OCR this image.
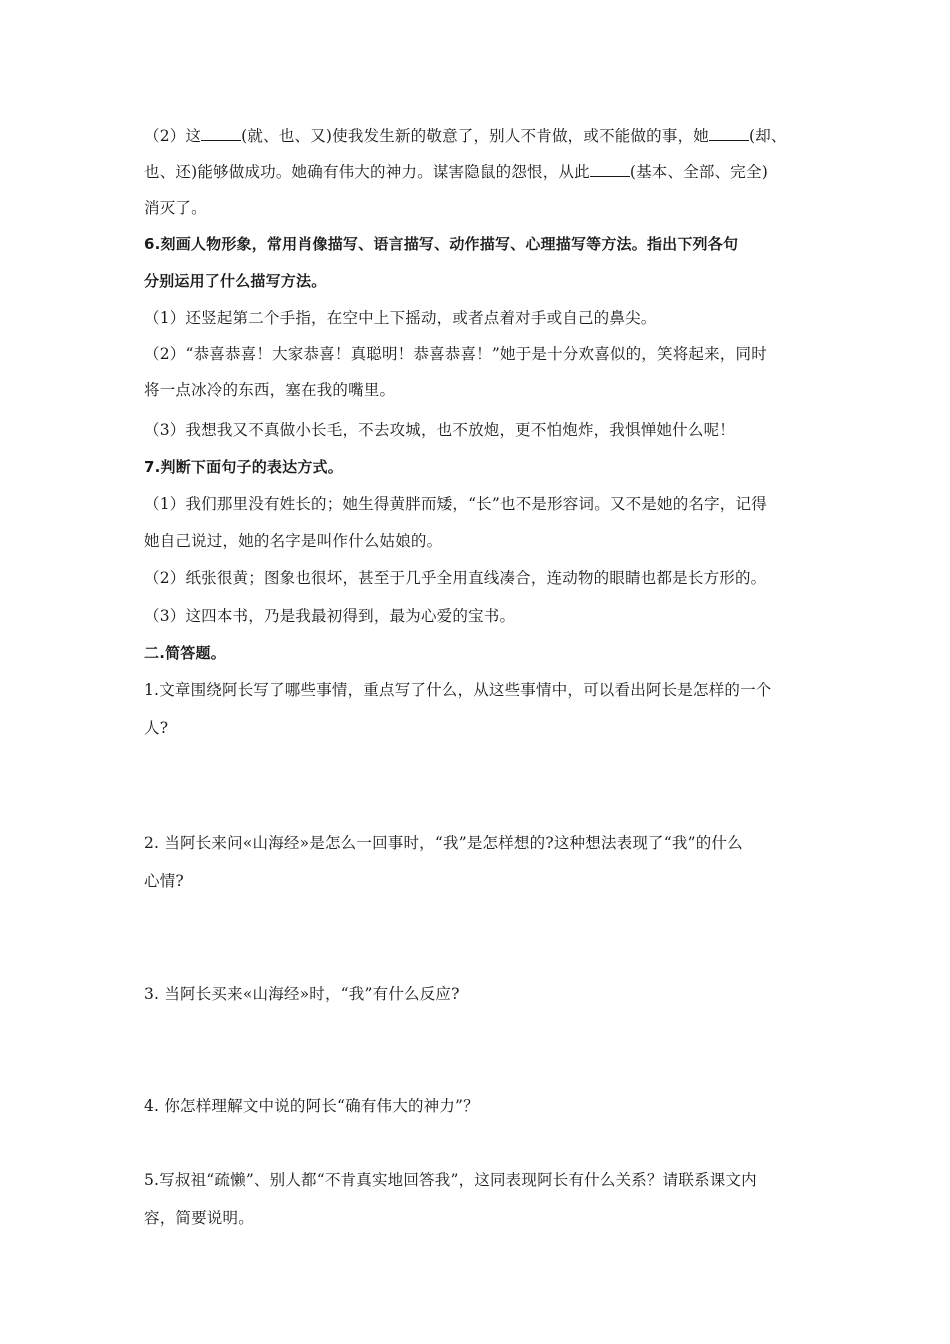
（2）这	(就、也、又)使我发生新的敬意了，别人不肯做，或不能做的事，她	(却、
也、还)能够做成功。她确有伟大的神力。谋害隐鼠的怨恨，从此	(基本、全部、完全)
消灭了。
6.刻画人物形象，常用肖像描写、语言描写、动作描写、心理描写等方法。指出下列各句
分别运用了什么描写方法。
（1）还竖起第二个手指，在空中上下摇动，或者点着对手或自己的鼻尖。
（2）“恭喜恭喜！大家恭喜！真聪明！恭喜恭喜！”她于是十分欢喜似的，笑将起来，同时
将一点冰冷的东西，塞在我的嘴里。
（3）我想我又不真做小长毛，不去攻城，也不放炮，更不怕炮炸，我惧惮她什么呢！
7.判断下面句子的表达方式。
（1）我们那里没有姓长的；她生得黄胖而矮，“长”也不是形容词。又不是她的名字，记得
她自己说过，她的名字是叫作什么姑娘的。
（2）纸张很黄；图象也很坏，甚至于几乎全用直线凑合，连动物的眼睛也都是长方形的。
（3）这四本书，乃是我最初得到，最为心爱的宝书。
二.简答题。
1.文章围绕阿长写了哪些事情，重点写了什么，从这些事情中，可以看出阿长是怎样的一个
人?
2. 当阿长来问«山海经»是怎么一回事时，“我”是怎样想的?这种想法表现了“我”的什么
心情?
3. 当阿长买来«山海经»时，“我”有什么反应?
4. 你怎样理解文中说的阿长“确有伟大的神力”？
5.写叔祖“疏懒”、别人都“不肯真实地回答我”，这同表现阿长有什么关系？请联系课文内
容，简要说明。
